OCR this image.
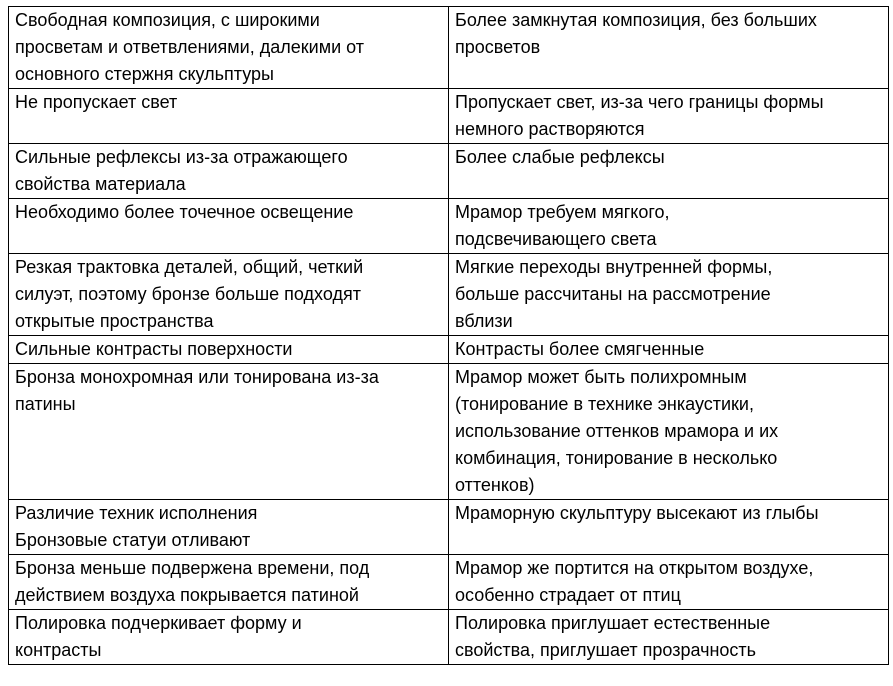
Свободная композиция, с широкими
просветам и ответвлениями, далекими от
основного стержня скульптуры	Более замкнутая композиция, без больших
просветов

Не пропускает свет	Пропускает свет, из-за чего границы формы
немного растворяются

Сильные рефлексы из-за отражающего
свойства материала	Более слабые рефлексы

Необходимо более точечное освещение	Мрамор требуем мягкого,
подсвечивающего света

Резкая трактовка деталей, общий, четкий
силуэт, поэтому бронзе больше подходят
открытые пространства	Мягкие переходы внутренней формы,
больше рассчитаны на рассмотрение
вблизи

Сильные контрасты поверхности	Контрасты более смягченные

Бронза монохромная или тонирована из-за
патины	Мрамор может быть полихромным
(тонирование в технике энкаустики,
использование оттенков мрамора и их
комбинация, тонирование в несколько
оттенков)

Различие техник исполнения
Бронзовые статуи отливают	Мраморную скульптуру высекают из глыбы

Бронза меньше подвержена времени, под
действием воздуха покрывается патиной	Мрамор же портится на открытом воздухе,
особенно страдает от птиц

Полировка подчеркивает форму и
контрасты	Полировка приглушает естественные
свойства, приглушает прозрачность
